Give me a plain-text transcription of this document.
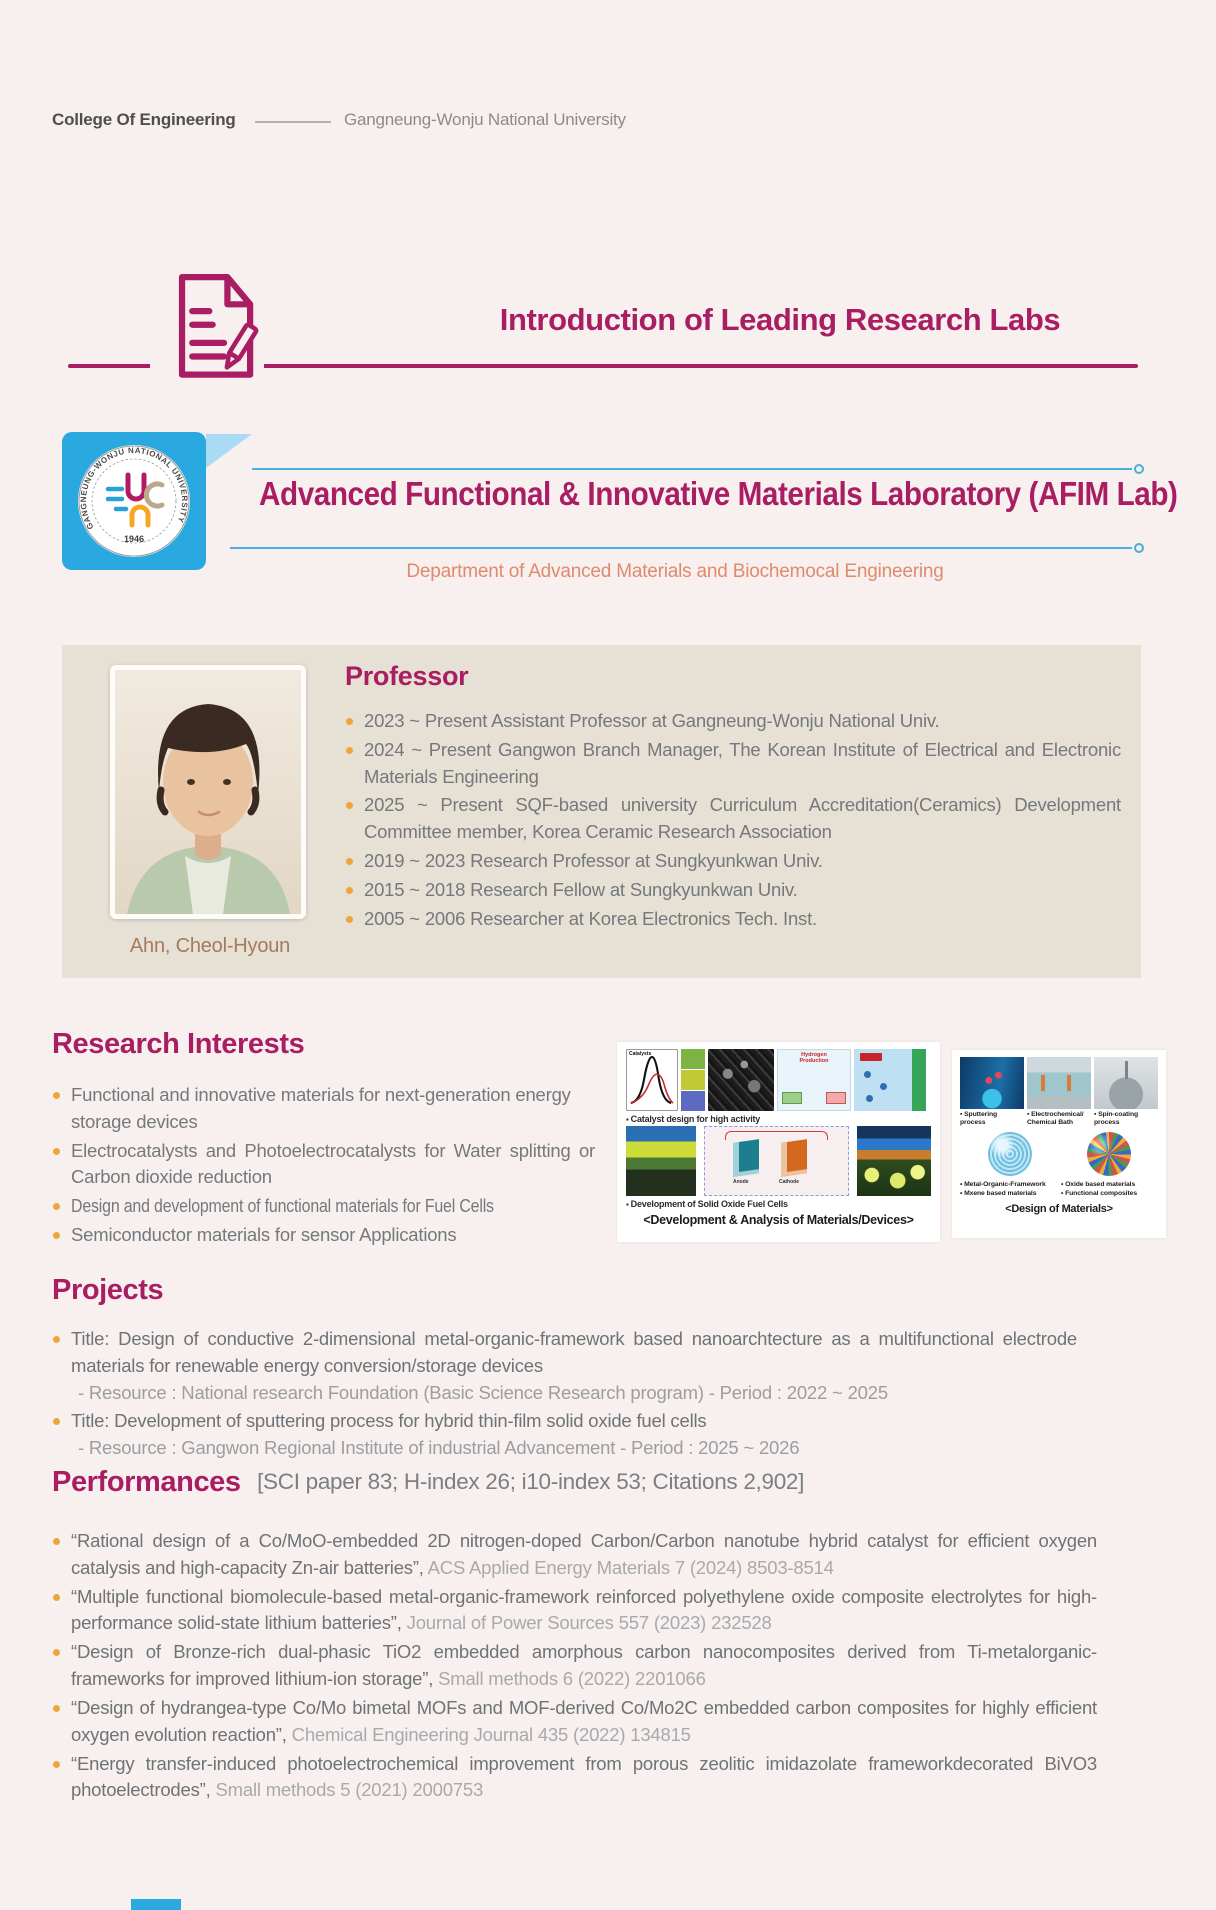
College Of Engineering	Gangneung-Wonju National University
Introduction of Leading Research Labs
GANGNEUNG-WONJU NATIONAL UNIVERSITY
1946
Advanced Functional & Innovative Materials Laboratory (AFIM Lab)
Department of Advanced Materials and Biochemocal Engineering
Ahn, Cheol-Hyoun
Professor
2023 ~ Present Assistant Professor at Gangneung-Wonju National Univ.
2024 ~ Present Gangwon Branch Manager, The Korean Institute of Electrical and Electronic Materials Engineering
2025 ~ Present SQF-based university Curriculum Accreditation(Ceramics) Development Committee member, Korea Ceramic Research Association
2019 ~ 2023 Research Professor at Sungkyunkwan Univ.
2015 ~ 2018 Research Fellow at Sungkyunkwan Univ.
2005 ~ 2006 Researcher at Korea Electronics Tech. Inst.
Research Interests
Functional and innovative materials for next-generation energy storage devices
Electrocatalysts and Photoelectrocatalysts for Water splitting or Carbon dioxide reduction
Design and development of functional materials for Fuel Cells
Semiconductor materials for sensor Applications
Catalysts	Hydrogen Production
▪ Catalyst design for high activity
Anode	Cathode
▪ Development of Solid Oxide Fuel Cells
<Development & Analysis of Materials/Devices>
▪ Sputtering process
▪ Electrochemical/ Chemical Bath
▪ Spin-coating process
• Metal-Organic-Framework
• Mxene based materials
• Oxide based materials
• Functional composites
<Design of Materials>
Projects
Title: Design of conductive 2-dimensional metal-organic-framework based nanoarchtecture as a multifunctional electrode materials for renewable energy conversion/storage devices
- Resource : National research Foundation (Basic Science Research program) - Period : 2022 ~ 2025
Title: Development of sputtering process for hybrid thin-film solid oxide fuel cells
- Resource : Gangwon Regional Institute of industrial Advancement - Period : 2025 ~ 2026
Performances [SCI paper 83; H-index 26; i10-index 53; Citations 2,902]
“Rational design of a Co/MoO-embedded 2D nitrogen-doped Carbon/Carbon nanotube hybrid catalyst for efficient oxygen catalysis and high-capacity Zn-air batteries”, ACS Applied Energy Materials 7 (2024) 8503-8514
“Multiple functional biomolecule-based metal-organic-framework reinforced polyethylene oxide composite electrolytes for high-performance solid-state lithium batteries”, Journal of Power Sources 557 (2023) 232528
“Design of Bronze-rich dual-phasic TiO2 embedded amorphous carbon nanocomposites derived from Ti-metalorganic-frameworks for improved lithium-ion storage”, Small methods 6 (2022) 2201066
“Design of hydrangea-type Co/Mo bimetal MOFs and MOF-derived Co/Mo2C embedded carbon composites for highly efficient oxygen evolution reaction”, Chemical Engineering Journal 435 (2022) 134815
“Energy transfer-induced photoelectrochemical improvement from porous zeolitic imidazolate frameworkdecorated BiVO3 photoelectrodes”, Small methods 5 (2021) 2000753
